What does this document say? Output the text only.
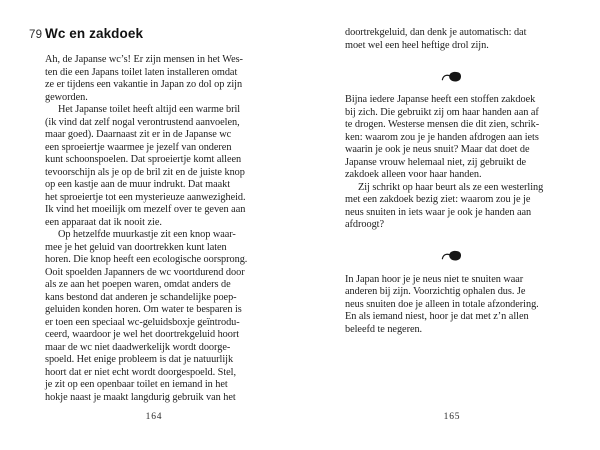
79 Wc en zakdoek
Ah, de Japanse wc’s! Er zijn mensen in het Wes-
ten die een Japans toilet laten installeren omdat
ze er tijdens een vakantie in Japan zo dol op zijn
geworden.
Het Japanse toilet heeft altijd een warme bril
(ik vind dat zelf nogal verontrustend aanvoelen,
maar goed). Daarnaast zit er in de Japanse wc
een sproeiertje waarmee je jezelf van onderen
kunt schoonspoelen. Dat sproeiertje komt alleen
tevoorschijn als je op de bril zit en de juiste knop
op een kastje aan de muur indrukt. Dat maakt
het sproeiertje tot een mysterieuze aanwezigheid.
Ik vind het moeilijk om mezelf over te geven aan
een apparaat dat ik nooit zie.
Op hetzelfde muurkastje zit een knop waar-
mee je het geluid van doortrekken kunt laten
horen. Die knop heeft een ecologische oorsprong.
Ooit spoelden Japanners de wc voortdurend door
als ze aan het poepen waren, omdat anders de
kans bestond dat anderen je schandelijke poep-
geluiden konden horen. Om water te besparen is
er toen een speciaal wc-geluidsboxje geïntrodu-
ceerd, waardoor je wel het doortrekgeluid hoort
maar de wc niet daadwerkelijk wordt doorge-
spoeld. Het enige probleem is dat je natuurlijk
hoort dat er niet echt wordt doorgespoeld. Stel,
je zit op een openbaar toilet en iemand in het
hokje naast je maakt langdurig gebruik van het
doortrekgeluid, dan denk je automatisch: dat
moet wel een heel heftige drol zijn.
Bijna iedere Japanse heeft een stoffen zakdoek
bij zich. Die gebruikt zij om haar handen aan af
te drogen. Westerse mensen die dit zien, schrik-
ken: waarom zou je je handen afdrogen aan iets
waarin je ook je neus snuit? Maar dat doet de
Japanse vrouw helemaal niet, zij gebruikt de
zakdoek alleen voor haar handen.
Zij schrikt op haar beurt als ze een westerling
met een zakdoek bezig ziet: waarom zou je je
neus snuiten in iets waar je ook je handen aan
afdroogt?
In Japan hoor je je neus niet te snuiten waar
anderen bij zijn. Voorzichtig ophalen dus. Je
neus snuiten doe je alleen in totale afzondering.
En als iemand niest, hoor je dat met z’n allen
beleefd te negeren.
164	165
